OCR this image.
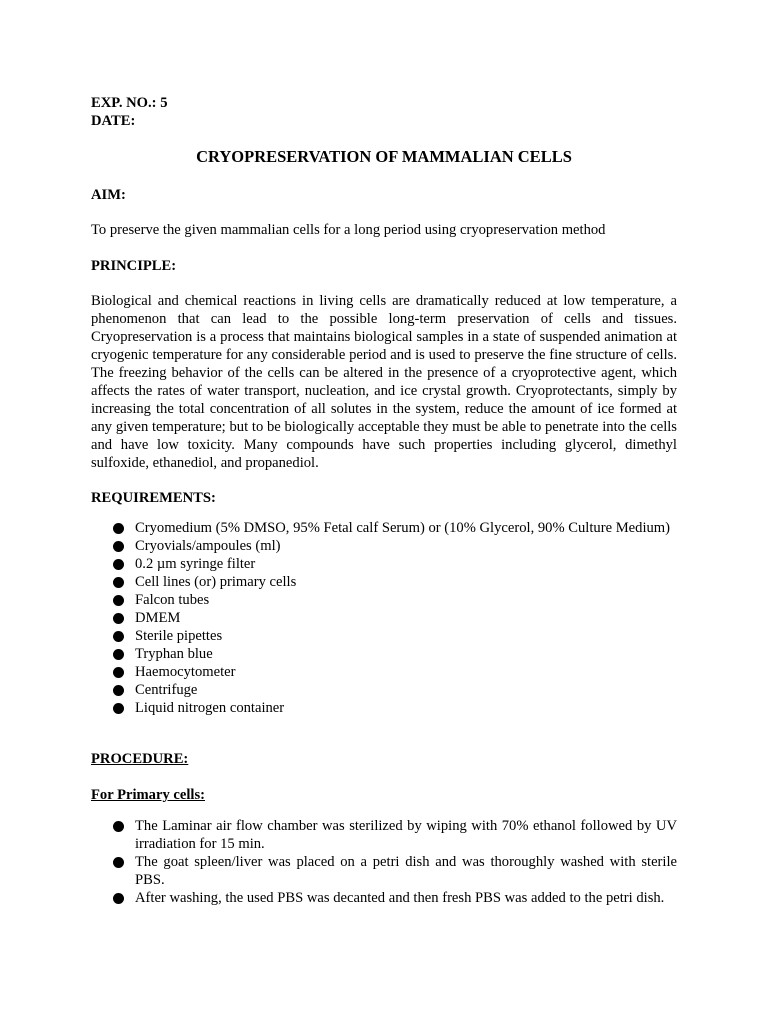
EXP. NO.: 5
DATE:
CRYOPRESERVATION OF MAMMALIAN CELLS
AIM:
To preserve the given mammalian cells for a long period using cryopreservation method
PRINCIPLE:
Biological and chemical reactions in living cells are dramatically reduced at low temperature, a phenomenon that can lead to the possible long-term preservation of cells and tissues. Cryopreservation is a process that maintains biological samples in a state of suspended animation at cryogenic temperature for any considerable period and is used to preserve the fine structure of cells. The freezing behavior of the cells can be altered in the presence of a cryoprotective agent, which affects the rates of water transport, nucleation, and ice crystal growth. Cryoprotectants, simply by increasing the total concentration of all solutes in the system, reduce the amount of ice formed at any given temperature; but to be biologically acceptable they must be able to penetrate into the cells and have low toxicity. Many compounds have such properties including glycerol, dimethyl sulfoxide, ethanediol, and propanediol.
REQUIREMENTS:
Cryomedium (5% DMSO, 95% Fetal calf Serum) or (10% Glycerol, 90% Culture Medium)
Cryovials/ampoules (ml)
0.2 µm syringe filter
Cell lines (or) primary cells
Falcon tubes
DMEM
Sterile pipettes
Tryphan blue
Haemocytometer
Centrifuge
Liquid nitrogen container
PROCEDURE:
For Primary cells:
The Laminar air flow chamber was sterilized by wiping with 70% ethanol followed by UV irradiation for 15 min.
The goat spleen/liver was placed on a petri dish and was thoroughly washed with sterile PBS.
After washing, the used PBS was decanted and then fresh PBS was added to the petri dish.
